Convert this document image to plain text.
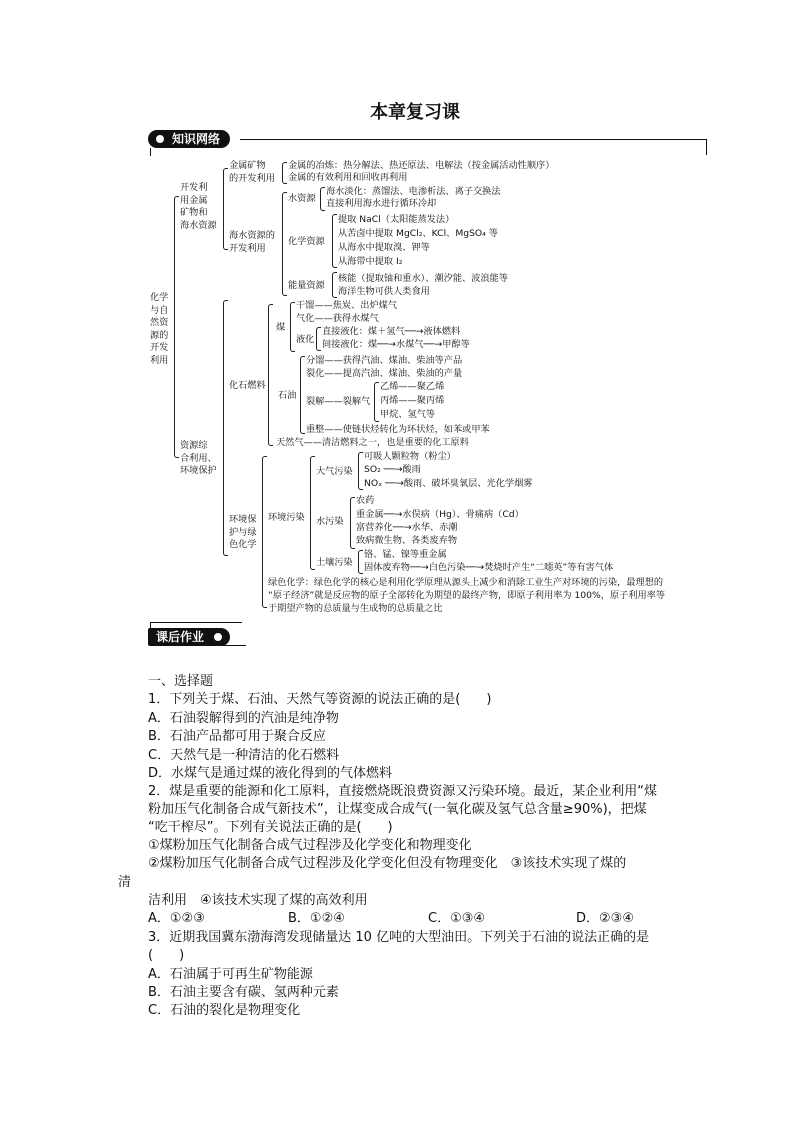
本章复习课
知识网络
化学
与自
然资
源的
开发
利用
开发利
用金属
矿物和
海水资源
金属矿物
的开发利用
金属的冶炼：热分解法、热还原法、电解法（按金属活动性顺序）
金属的有效利用和回收再利用
海水资源的
开发利用
水资源
海水淡化：蒸馏法、电渗析法、离子交换法
直接利用海水进行循环冷却
化学资源
提取 NaCl（太阳能蒸发法）
从苦卤中提取 MgCl₂、KCl、MgSO₄ 等
从海水中提取溴、钾等
从海带中提取 I₂
能量资源
核能（提取铀和重水）、潮汐能、波浪能等
海洋生物可供人类食用
资源综
合利用、
环境保护
化石燃料
煤
干馏——焦炭、出炉煤气
气化——获得水煤气
液化
直接液化：煤＋氢气──→液体燃料
间接液化：煤──→水煤气──→甲醇等
石油
分馏——获得汽油、煤油、柴油等产品
裂化——提高汽油、煤油、柴油的产量
裂解——裂解气
乙烯——聚乙烯
丙烯——聚丙烯
甲烷、氢气等
重整——使链状烃转化为环状烃，如苯或甲苯
天然气——清洁燃料之一，也是重要的化工原料
环境保
护与绿
色化学
环境污染
大气污染
可吸人颗粒物（粉尘）
SO₂ ──→酸雨
NOₓ ──→酸雨、破坏臭氧层、光化学烟雾
水污染
农药
重金属──→水俣病（Hg）、骨痛病（Cd）
富营养化──→水华、赤潮
致病微生物、各类废弃物
土壤污染
铬、锰、镍等重金属
固体废弃物──→白色污染──→焚烧时产生“二噁英”等有害气体
绿色化学：绿色化学的核心是利用化学原理从源头上减少和消除工业生产对环境的污染，最理想的
“原子经济”就是反应物的原子全部转化为期望的最终产物，即原子利用率为 100%，原子利用率等
于期望产物的总质量与生成物的总质量之比
课后作业
一、选择题
1．下列关于煤、石油、天然气等资源的说法正确的是(　　)
A．石油裂解得到的汽油是纯净物
B．石油产品都可用于聚合反应
C．天然气是一种清洁的化石燃料
D．水煤气是通过煤的液化得到的气体燃料
2．煤是重要的能源和化工原料，直接燃烧既浪费资源又污染环境。最近，某企业利用“煤
粉加压气化制备合成气新技术”，让煤变成合成气(一氧化碳及氢气总含量≥90%)，把煤
“吃干榨尽”。下列有关说法正确的是(　　)
①煤粉加压气化制备合成气过程涉及化学变化和物理变化
②煤粉加压气化制备合成气过程涉及化学变化但没有物理变化　③该技术实现了煤的
清
洁利用　④该技术实现了煤的高效利用
A．①②③	B．①②④	C．①③④	D．②③④
3．近期我国冀东渤海湾发现储量达 10 亿吨的大型油田。下列关于石油的说法正确的是
(　　)
A．石油属于可再生矿物能源
B．石油主要含有碳、氢两种元素
C．石油的裂化是物理变化
